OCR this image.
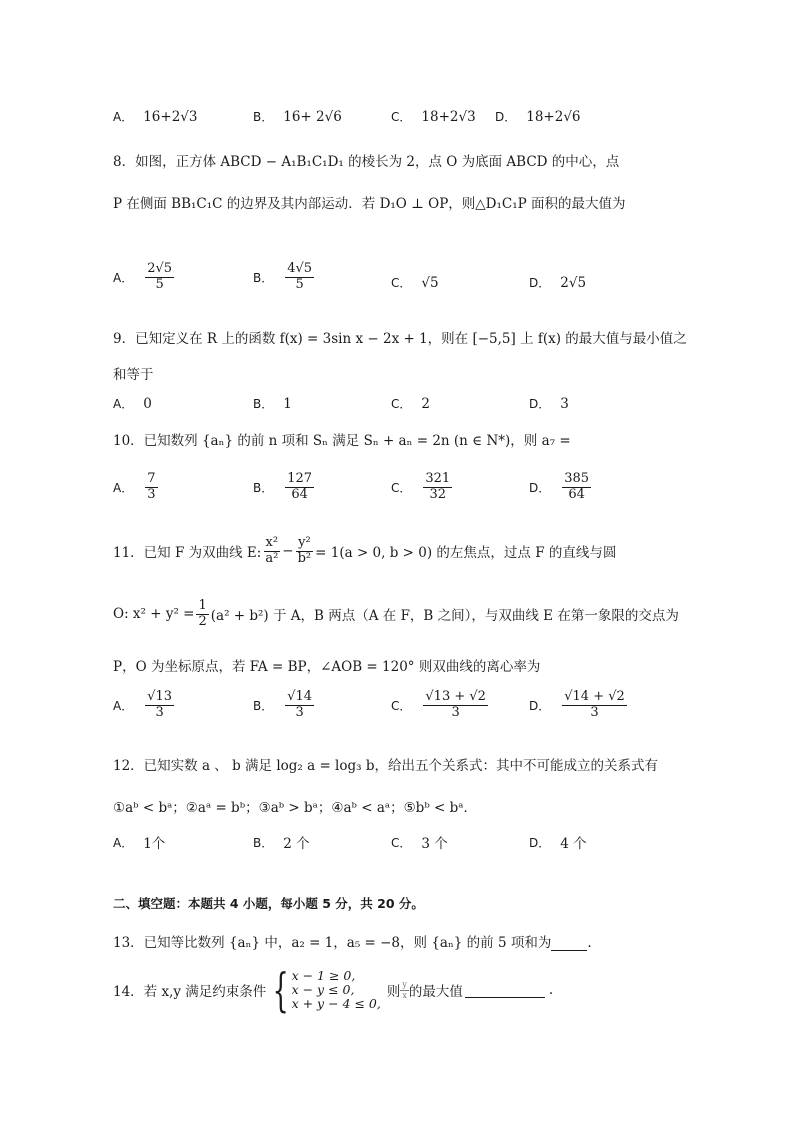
A． 16+2√3	B． 16+ 2√6	C． 18+2√3 D． 18+2√6
8．如图，正方体 ABCD − A₁B₁C₁D₁ 的棱长为 2，点 O 为底面 ABCD 的中心，点
P 在侧面 BB₁C₁C 的边界及其内部运动．若 D₁O ⊥ OP，则△D₁C₁P 面积的最大值为
A． $\frac{2√5}{5}$	B． $\frac{4√5}{5}$	C． √5	D． 2√5
9．已知定义在 R 上的函数 f(x) = 3sin x − 2x + 1，则在 [−5,5] 上 f(x) 的最大值与最小值之
和等于
A． 0	B． 1	C． 2	D． 3
10．已知数列 {aₙ} 的前 n 项和 Sₙ 满足 Sₙ + aₙ = 2n (n ∈ N*)，则 a₇ =
A． $\frac{7}{3}$	B． $\frac{127}{64}$	C． $\frac{321}{32}$	D． $\frac{385}{64}$
11．已知 F 为双曲线 E: $\frac{\text{x²}}{\text{a²}} - \frac{\text{y²}}{\text{b²}} = 1(a > 0$, b > 0) 的左焦点，过点 F 的直线与圆
O: $x^2 + y^2 = \frac{1}{2} (a^2 + b^2)$ 于 A，B 两点（A 在 F，B 之间），与双曲线 E 在第一象限的交点为
P，O 为坐标原点，若 FA = BP，∠AOB = 120° 则双曲线的离心率为
A． $\frac{√13}{3}$	B． $\frac{√14}{3}$	C． $\frac{√13 + √2}{3}$	D． $\frac{√14 + √2}{3}$
12．已知实数 a 、 b 满足 log₂ a = log₃ b，给出五个关系式：其中不可能成立的关系式有
①aᵇ < bᵃ；②aᵃ = bᵇ；③aᵇ > bᵃ；④aᵇ < aᵃ；⑤bᵇ < bᵃ．
A． 1个	B． 2 个	C． 3 个	D． 4 个
二、填空题：本题共 4 小题，每小题 5 分，共 20 分。
13．已知等比数列 {aₙ} 中，a₂ = 1，a₅ = −8，则 {aₙ} 的前 5 项和为	.
14．若 x,y 满足约束条件 { x − 1 ≥ 0,
x − y ≤ 0,
x + y − 4 ≤ 0,
则 $\frac{y}{x}$ 的最大值	.
